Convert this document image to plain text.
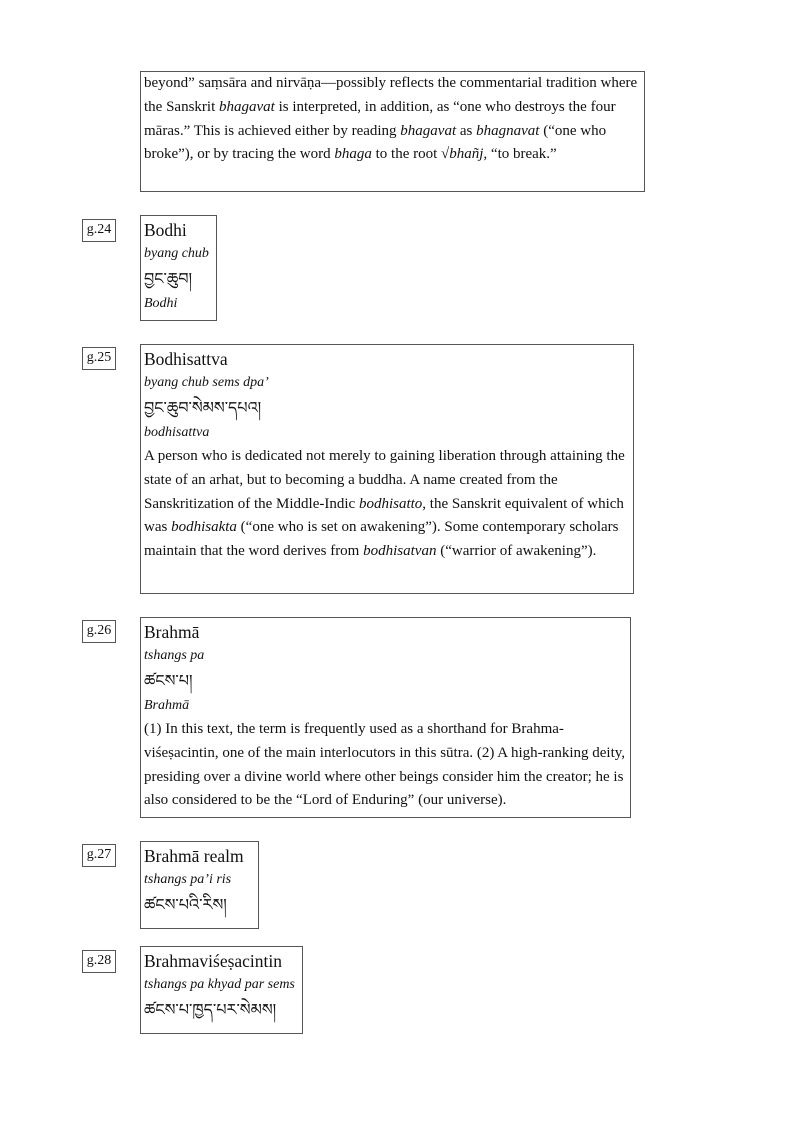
beyond” saṃsāra and nirvāṇa—possibly reflects the commentarial tradition where the Sanskrit bhagavat is interpreted, in addition, as “one who destroys the four māras.” This is achieved either by reading bhagavat as bhagnavat (“one who broke”), or by tracing the word bhaga to the root √bhañj, “to break.”
g.24 Bodhi
byang chub
བྱང་ཆུབ།
Bodhi
g.25 Bodhisattva
byang chub sems dpa’
བྱང་ཆུབ་སེམས་དཔའ།
bodhisattva
A person who is dedicated not merely to gaining liberation through attaining the state of an arhat, but to becoming a buddha. A name created from the Sanskritization of the Middle-Indic bodhisatto, the Sanskrit equivalent of which was bodhisakta (“one who is set on awakening”). Some contemporary scholars maintain that the word derives from bodhisatvan (“warrior of awakening”).
g.26 Brahmā
tshangs pa
ཚངས་པ།
Brahmā
(1) In this text, the term is frequently used as a shorthand for Brahma-viśeṣacintin, one of the main interlocutors in this sūtra. (2) A high-ranking deity, presiding over a divine world where other beings consider him the creator; he is also considered to be the “Lord of Enduring” (our universe).
g.27 Brahmā realm
tshangs pa’i ris
ཚངས་པའི་རིས།
g.28 Brahmaviśeṣacintin
tshangs pa khyad par sems
ཚངས་པ་ཁྱད་པར་སེམས།
